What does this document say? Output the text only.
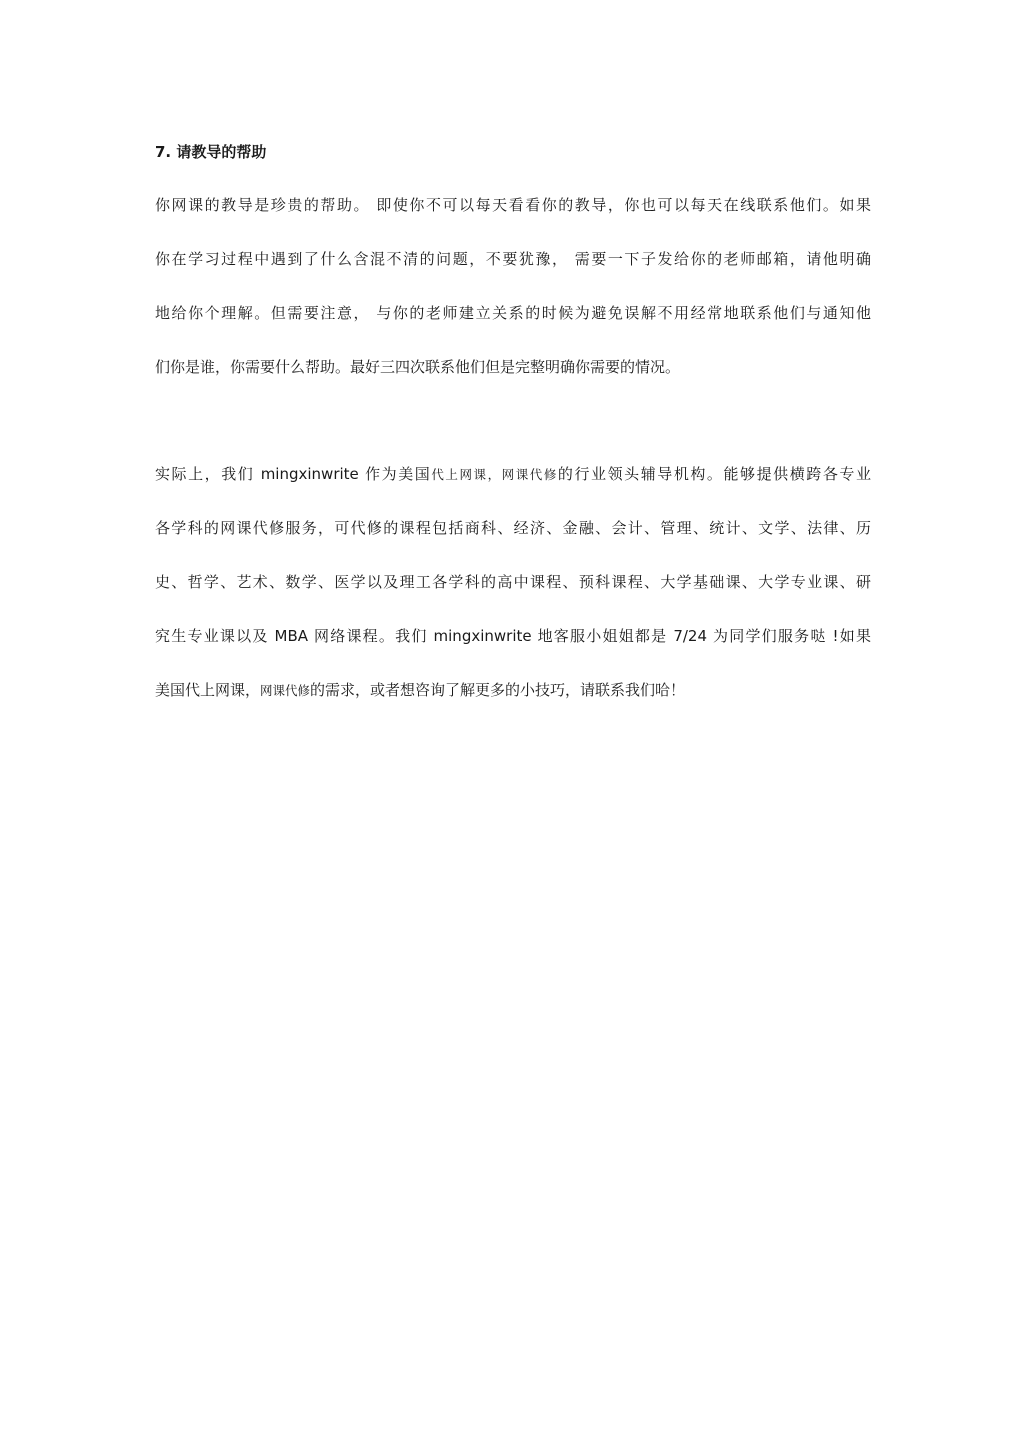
7. 请教导的帮助
你网课的教导是珍贵的帮助。 即使你不可以每天看看你的教导，你也可以每天在线联系他们。如果
你在学习过程中遇到了什么含混不清的问题，不要犹豫， 需要一下子发给你的老师邮箱，请他明确
地给你个理解。但需要注意， 与你的老师建立关系的时候为避免误解不用经常地联系他们与通知他
们你是谁，你需要什么帮助。最好三四次联系他们但是完整明确你需要的情况。
实际上，我们 mingxinwrite 作为美国代上网课，网课代修的行业领头辅导机构。能够提供横跨各专业
各学科的网课代修服务，可代修的课程包括商科、经济、金融、会计、管理、统计、文学、法律、历
史、哲学、艺术、数学、医学以及理工各学科的高中课程、预科课程、大学基础课、大学专业课、研
究生专业课以及 MBA 网络课程。我们 mingxinwrite 地客服小姐姐都是 7/24 为同学们服务哒 !如果
美国代上网课，网课代修的需求，或者想咨询了解更多的小技巧，请联系我们哈！
